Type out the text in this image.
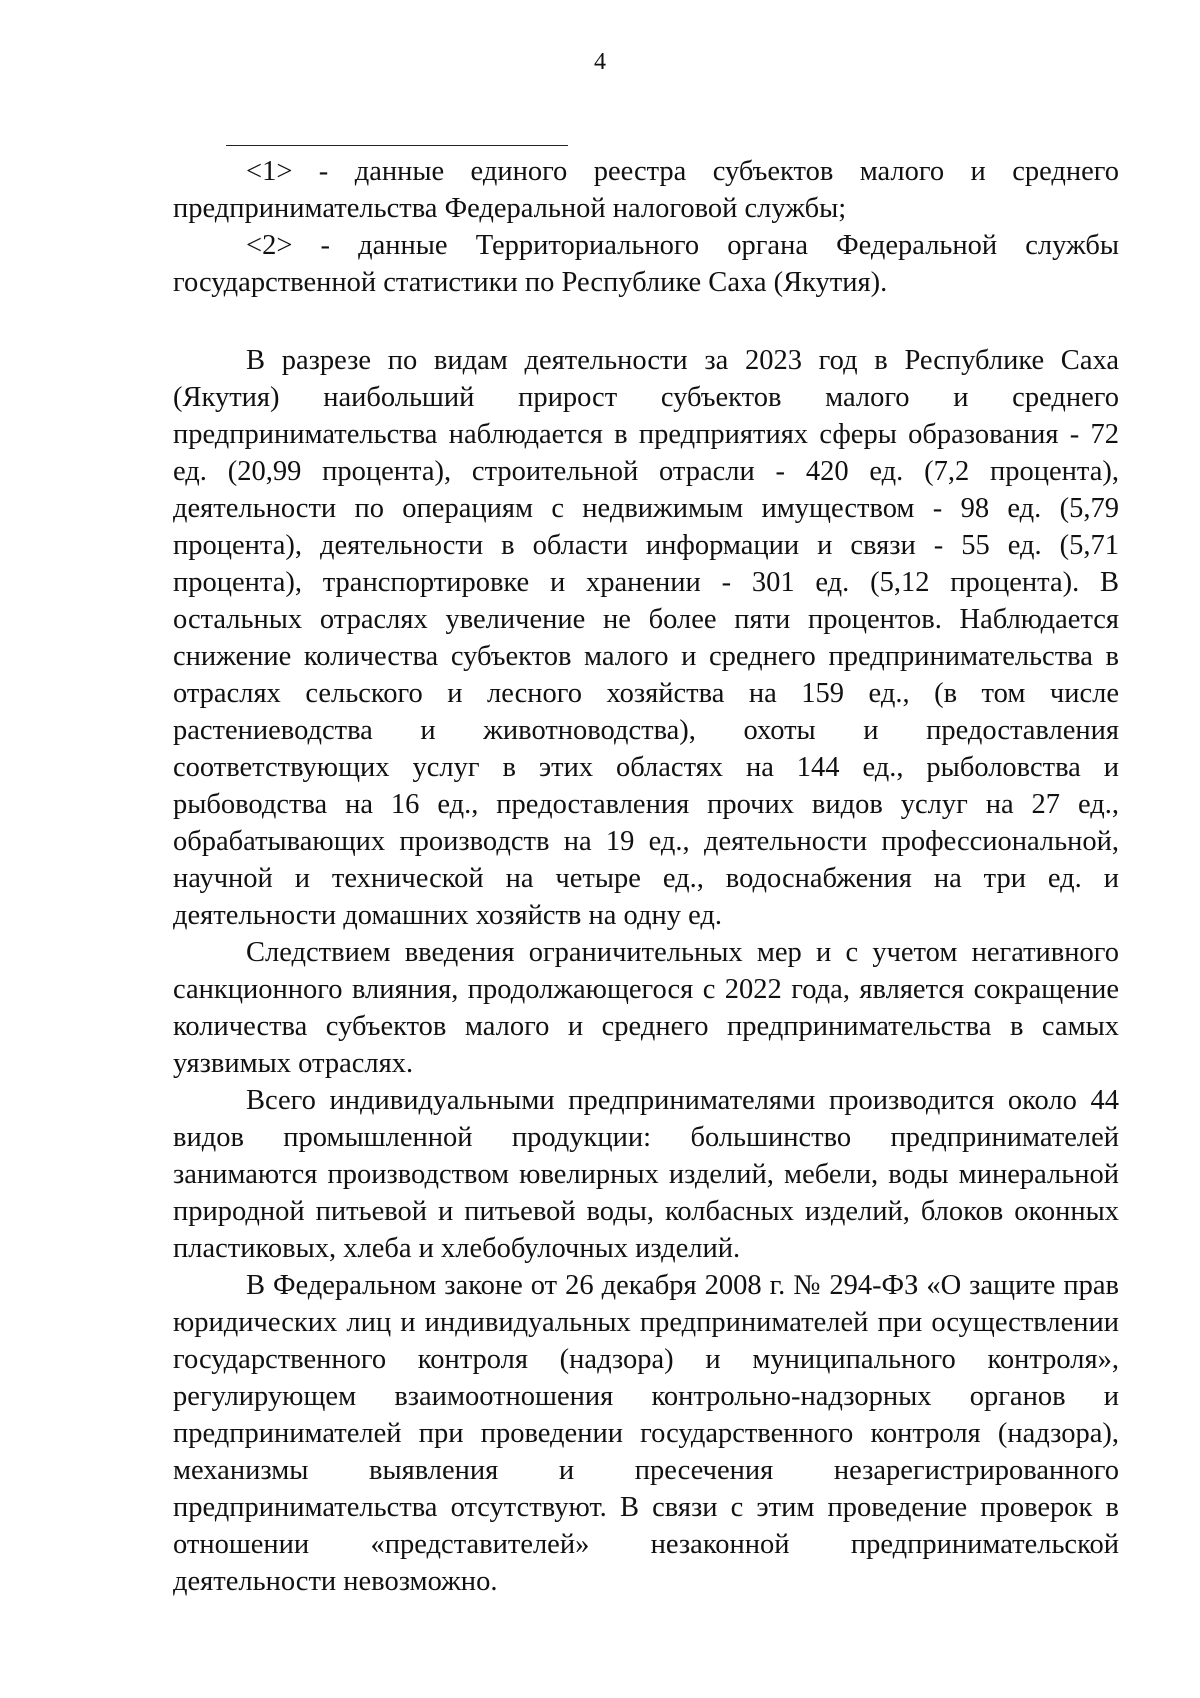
4

<1> - данные единого реестра субъектов малого и среднего предпринимательства Федеральной налоговой службы;

<2> - данные Территориального органа Федеральной службы государственной статистики по Республике Саха (Якутия).

В разрезе по видам деятельности за 2023 год в Республике Саха (Якутия) наибольший прирост субъектов малого и среднего предпринимательства наблюдается в предприятиях сферы образования - 72 ед. (20,99 процента), строительной отрасли - 420 ед. (7,2 процента), деятельности по операциям с недвижимым имуществом - 98 ед. (5,79 процента), деятельности в области информации и связи - 55 ед. (5,71 процента), транспортировке и хранении - 301 ед. (5,12 процента). В остальных отраслях увеличение не более пяти процентов. Наблюдается снижение количества субъектов малого и среднего предпринимательства в отраслях сельского и лесного хозяйства на 159 ед., (в том числе растениеводства и животноводства), охоты и предоставления соответствующих услуг в этих областях на 144 ед., рыболовства и рыбоводства на 16 ед., предоставления прочих видов услуг на 27 ед., обрабатывающих производств на 19 ед., деятельности профессиональной, научной и технической на четыре ед., водоснабжения на три ед. и деятельности домашних хозяйств на одну ед.

Следствием введения ограничительных мер и с учетом негативного санкционного влияния, продолжающегося с 2022 года, является сокращение количества субъектов малого и среднего предпринимательства в самых уязвимых отраслях.

Всего индивидуальными предпринимателями производится около 44 видов промышленной продукции: большинство предпринимателей занимаются производством ювелирных изделий, мебели, воды минеральной природной питьевой и питьевой воды, колбасных изделий, блоков оконных пластиковых, хлеба и хлебобулочных изделий.

В Федеральном законе от 26 декабря 2008 г. № 294-ФЗ «О защите прав юридических лиц и индивидуальных предпринимателей при осуществлении государственного контроля (надзора) и муниципального контроля», регулирующем взаимоотношения контрольно-надзорных органов и предпринимателей при проведении государственного контроля (надзора), механизмы выявления и пресечения незарегистрированного предпринимательства отсутствуют. В связи с этим проведение проверок в отношении «представителей» незаконной предпринимательской деятельности невозможно.
